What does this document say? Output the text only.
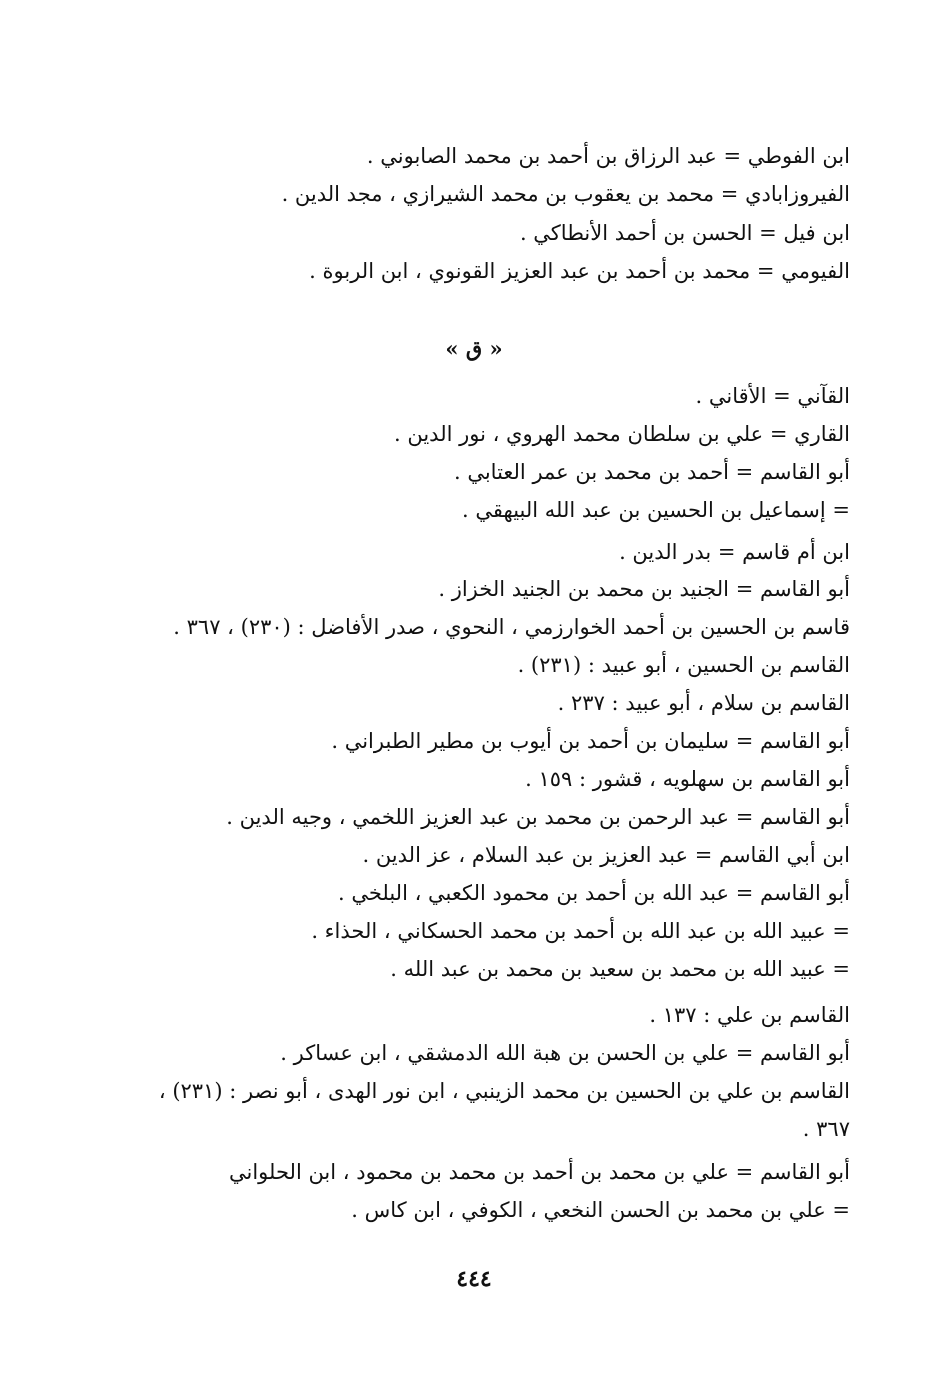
ابن الفوطي = عبد الرزاق بن أحمد بن محمد الصابوني .
الفيروزابادي = محمد بن يعقوب بن محمد الشيرازي ، مجد الدين .
ابن فيل = الحسن بن أحمد الأنطاكي .
الفيومي = محمد بن أحمد بن عبد العزيز القونوي ، ابن الربوة .
« ق »
القآني = الأقاني .
القاري = علي بن سلطان محمد الهروي ، نور الدين .
أبو القاسم = أحمد بن محمد بن عمر العتابي .
= إسماعيل بن الحسين بن عبد الله البيهقي .
ابن أم قاسم = بدر الدين .
أبو القاسم = الجنيد بن محمد بن الجنيد الخزاز .
قاسم بن الحسين بن أحمد الخوارزمي ، النحوي ، صدر الأفاضل : (٢٣٠) ، ٣٦٧ .
القاسم بن الحسين ، أبو عبيد : (٢٣١) .
القاسم بن سلام ، أبو عبيد : ٢٣٧ .
أبو القاسم = سليمان بن أحمد بن أيوب بن مطير الطبراني .
أبو القاسم بن سهلويه ، قشور : ١٥٩ .
أبو القاسم = عبد الرحمن بن محمد بن عبد العزيز اللخمي ، وجيه الدين .
ابن أبي القاسم = عبد العزيز بن عبد السلام ، عز الدين .
أبو القاسم = عبد الله بن أحمد بن محمود الكعبي ، البلخي .
= عبيد الله بن عبد الله بن أحمد بن محمد الحسكاني ، الحذاء .
= عبيد الله بن محمد بن سعيد بن محمد بن عبد الله .
القاسم بن علي : ١٣٧ .
أبو القاسم = علي بن الحسن بن هبة الله الدمشقي ، ابن عساكر .
القاسم بن علي بن الحسين بن محمد الزينبي ، ابن نور الهدى ، أبو نصر : (٢٣١) ،
٣٦٧ .
أبو القاسم = علي بن محمد بن أحمد بن محمد بن محمود ، ابن الحلواني
= علي بن محمد بن الحسن النخعي ، الكوفي ، ابن كاس .
٤٤٤
